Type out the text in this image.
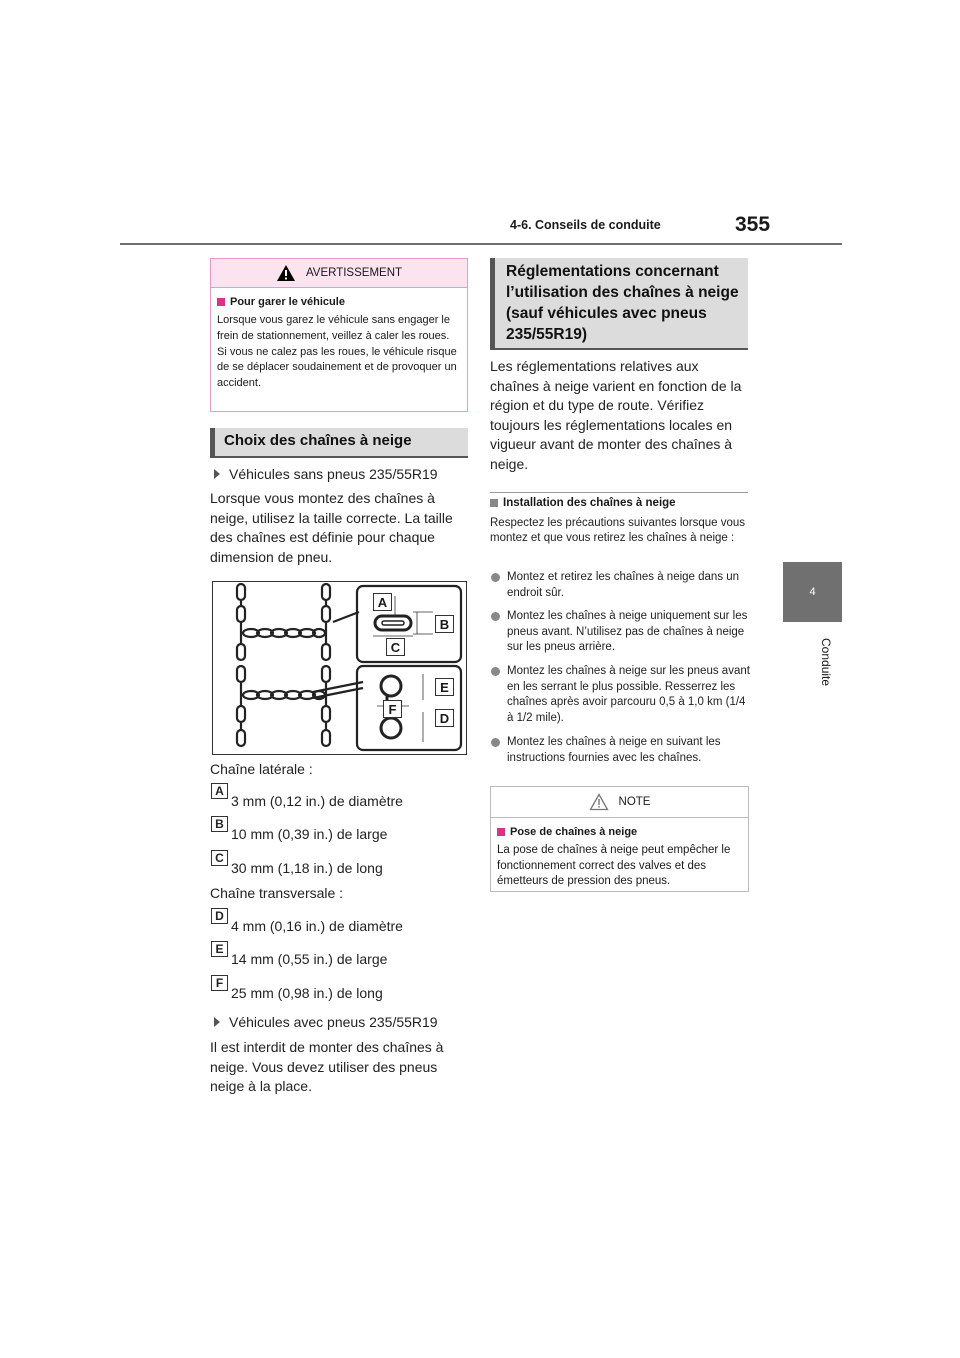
4-6. Conseils de conduite	355
4
Conduite
AVERTISSEMENT
Pour garer le véhicule
Lorsque vous garez le véhicule sans engager le frein de stationnement, veillez à caler les roues. Si vous ne calez pas les roues, le véhicule risque de se déplacer soudainement et de provoquer un accident.
Choix des chaînes à neige
Véhicules sans pneus 235/55R19
Lorsque vous montez des chaînes à neige, utilisez la taille correcte. La taille des chaînes est définie pour chaque dimension de pneu.
A
B
C
E
F
D
Chaîne latérale :
A
3 mm (0,12 in.) de diamètre
B
10 mm (0,39 in.) de large
C
30 mm (1,18 in.) de long
Chaîne transversale :
D
4 mm (0,16 in.) de diamètre
E
14 mm (0,55 in.) de large
F
25 mm (0,98 in.) de long
Véhicules avec pneus 235/55R19
Il est interdit de monter des chaînes à neige. Vous devez utiliser des pneus neige à la place.
Réglementations concernant l’utilisation des chaînes à neige (sauf véhicules avec pneus 235/55R19)
Les réglementations relatives aux chaînes à neige varient en fonction de la région et du type de route. Vérifiez toujours les réglementations locales en vigueur avant de monter des chaînes à neige.
Installation des chaînes à neige
Respectez les précautions suivantes lorsque vous montez et que vous retirez les chaînes à neige :
Montez et retirez les chaînes à neige dans un endroit sûr.
Montez les chaînes à neige uniquement sur les pneus avant. N’utilisez pas de chaînes à neige sur les pneus arrière.
Montez les chaînes à neige sur les pneus avant en les serrant le plus possible. Resserrez les chaînes après avoir parcouru 0,5 à 1,0 km (1/4 à 1/2 mile).
Montez les chaînes à neige en suivant les instructions fournies avec les chaînes.
NOTE
Pose de chaînes à neige
La pose de chaînes à neige peut empêcher le fonctionnement correct des valves et des émetteurs de pression des pneus.
